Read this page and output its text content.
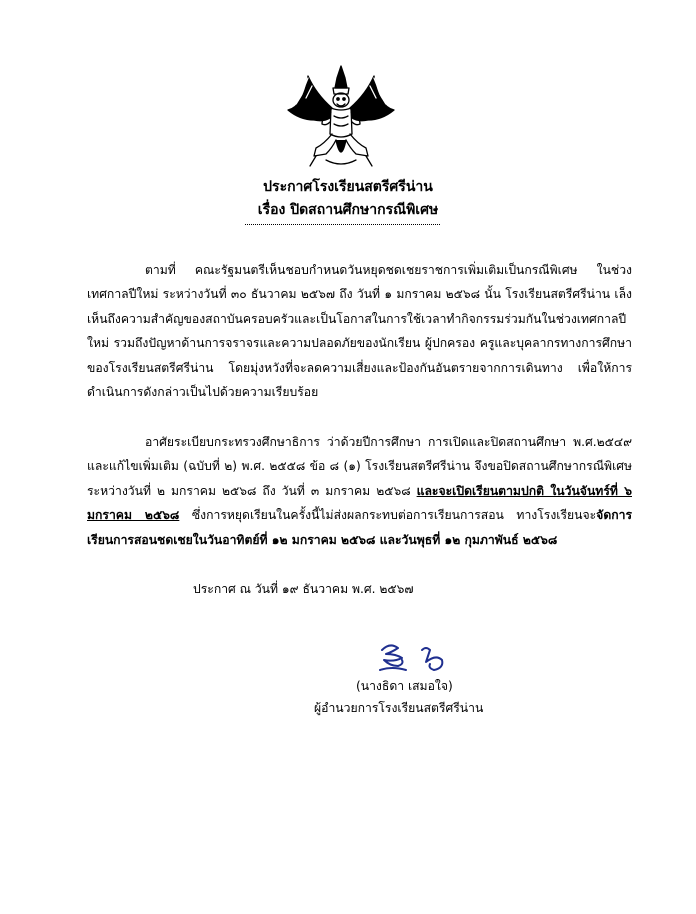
ประกาศโรงเรียนสตรีศรีน่าน
เรื่อง ปิดสถานศึกษากรณีพิเศษ
ตามที่ คณะรัฐมนตรีเห็นชอบกำหนดวันหยุดชดเชยราชการเพิ่มเติมเป็นกรณีพิเศษ ในช่วงเทศกาลปีใหม่ ระหว่างวันที่ ๓๐ ธันวาคม ๒๕๖๗ ถึง วันที่ ๑ มกราคม ๒๕๖๘ นั้น โรงเรียนสตรีศรีน่าน เล็งเห็นถึงความสำคัญของสถาบันครอบครัวและเป็นโอกาสในการใช้เวลาทำกิจกรรมร่วมกันในช่วงเทศกาลปีใหม่ รวมถึงปัญหาด้านการจราจรและความปลอดภัยของนักเรียน ผู้ปกครอง ครูและบุคลากรทางการศึกษาของโรงเรียนสตรีศรีน่าน โดยมุ่งหวังที่จะลดความเสี่ยงและป้องกันอันตรายจากการเดินทาง เพื่อให้การดำเนินการดังกล่าวเป็นไปด้วยความเรียบร้อย
อาศัยระเบียบกระทรวงศึกษาธิการ ว่าด้วยปีการศึกษา การเปิดและปิดสถานศึกษา พ.ศ.๒๕๔๙ และแก้ไขเพิ่มเติม (ฉบับที่ ๒) พ.ศ. ๒๕๕๘ ข้อ ๘ (๑) โรงเรียนสตรีศรีน่าน จึงขอปิดสถานศึกษากรณีพิเศษ ระหว่างวันที่ ๒ มกราคม ๒๕๖๘ ถึง วันที่ ๓ มกราคม ๒๕๖๘ และจะเปิดเรียนตามปกติ ในวันจันทร์ที่ ๖ มกราคม ๒๕๖๘ ซึ่งการหยุดเรียนในครั้งนี้ไม่ส่งผลกระทบต่อการเรียนการสอน ทางโรงเรียนจะจัดการเรียนการสอนชดเชยในวันอาทิตย์ที่ ๑๒ มกราคม ๒๕๖๘ และวันพุธที่ ๑๒ กุมภาพันธ์ ๒๕๖๘
ประกาศ ณ วันที่ ๑๙ ธันวาคม พ.ศ. ๒๕๖๗
(นางธิดา เสมอใจ)
ผู้อำนวยการโรงเรียนสตรีศรีน่าน
